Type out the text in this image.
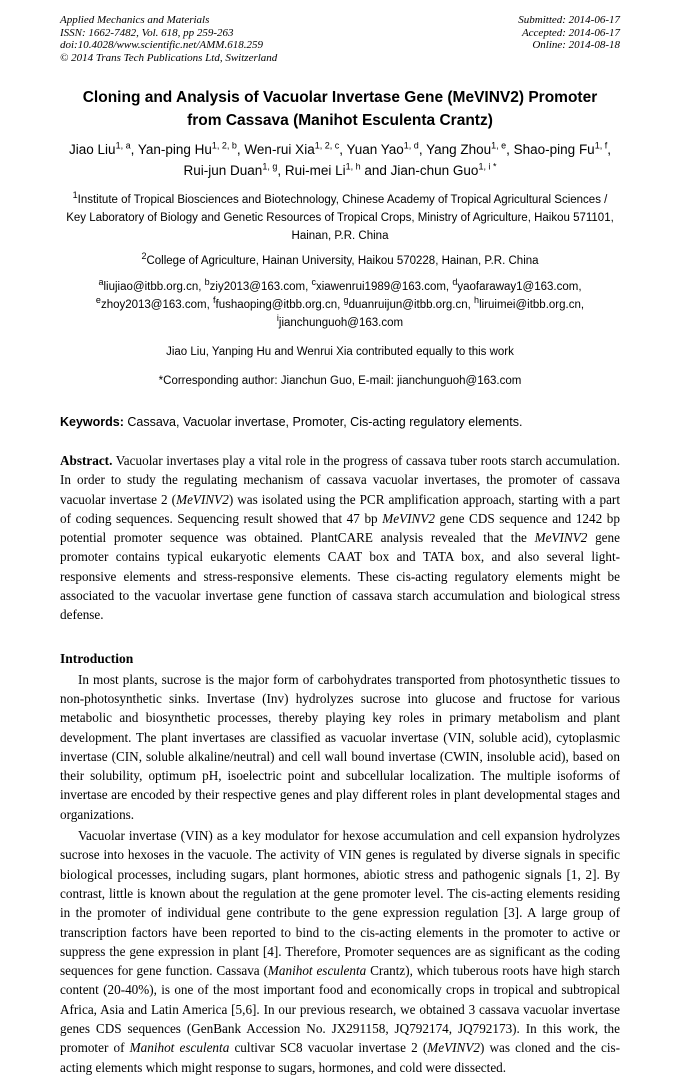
Applied Mechanics and Materials
ISSN: 1662-7482, Vol. 618, pp 259-263
doi:10.4028/www.scientific.net/AMM.618.259
© 2014 Trans Tech Publications Ltd, Switzerland
Submitted: 2014-06-17
Accepted: 2014-06-17
Online: 2014-08-18
Cloning and Analysis of Vacuolar Invertase Gene (MeVINV2) Promoter
from Cassava (Manihot Esculenta Crantz)
Jiao Liu$^{1, a}$, Yan-ping Hu$^{1, 2, b}$, Wen-rui Xia$^{1, 2, c}$, Yuan Yao$^{1, d}$, Yang Zhou$^{1, e}$, Shao-ping Fu$^{1, f}$, Rui-jun Duan$^{1, g}$, Rui-mei Li$^{1, h}$ and Jian-chun Guo$^{1, i *}$
$^1$Institute of Tropical Biosciences and Biotechnology, Chinese Academy of Tropical Agricultural Sciences / Key Laboratory of Biology and Genetic Resources of Tropical Crops, Ministry of Agriculture, Haikou 571101, Hainan, P.R. China
$^2$College of Agriculture, Hainan University, Haikou 570228, Hainan, P.R. China
$^a$liujiao@itbb.org.cn, $^b$ziy2013@163.com, $^c$xiawenrui1989@163.com, $^d$yaofaraway1@163.com, $^e$zhoy2013@163.com, $^f$fushaoping@itbb.org.cn, $^g$duanruijun@itbb.org.cn, $^h$liruimei@itbb.org.cn, $^i$jianchunguoh@163.com
Jiao Liu, Yanping Hu and Wenrui Xia contributed equally to this work
*Corresponding author: Jianchun Guo, E-mail: jianchunguoh@163.com
Keywords: Cassava, Vacuolar invertase, Promoter, Cis-acting regulatory elements.

Abstract. Vacuolar invertases play a vital role in the progress of cassava tuber roots starch accumulation. In order to study the regulating mechanism of cassava vacuolar invertases, the promoter of cassava vacuolar invertase 2 (MeVINV2) was isolated using the PCR amplification approach, starting with a part of coding sequences. Sequencing result showed that 47 bp MeVINV2 gene CDS sequence and 1242 bp potential promoter sequence was obtained. PlantCARE analysis revealed that the MeVINV2 gene promoter contains typical eukaryotic elements CAAT box and TATA box, and also several light-responsive elements and stress-responsive elements. These cis-acting regulatory elements might be associated to the vacuolar invertase gene function of cassava starch accumulation and biological stress defense.

Introduction

In most plants, sucrose is the major form of carbohydrates transported from photosynthetic tissues to non-photosynthetic sinks. Invertase (Inv) hydrolyzes sucrose into glucose and fructose for various metabolic and biosynthetic processes, thereby playing key roles in primary metabolism and plant development. The plant invertases are classified as vacuolar invertase (VIN, soluble acid), cytoplasmic invertase (CIN, soluble alkaline/neutral) and cell wall bound invertase (CWIN, insoluble acid), based on their solubility, optimum pH, isoelectric point and subcellular localization. The multiple isoforms of invertase are encoded by their respective genes and play different roles in plant developmental stages and organizations.

Vacuolar invertase (VIN) as a key modulator for hexose accumulation and cell expansion hydrolyzes sucrose into hexoses in the vacuole. The activity of VIN genes is regulated by diverse signals in specific biological processes, including sugars, plant hormones, abiotic stress and pathogenic signals [1, 2]. By contrast, little is known about the regulation at the gene promoter level. The cis-acting elements residing in the promoter of individual gene contribute to the gene expression regulation [3]. A large group of transcription factors have been reported to bind to the cis-acting elements in the promoter to active or suppress the gene expression in plant [4]. Therefore, Promoter sequences are as significant as the coding sequences for gene function. Cassava (Manihot esculenta Crantz), which tuberous roots have high starch content (20-40%), is one of the most important food and economically crops in tropical and subtropical Africa, Asia and Latin America [5,6]. In our previous research, we obtained 3 cassava vacuolar invertase genes CDS sequences (GenBank Accession No. JX291158, JQ792174, JQ792173). In this work, the promoter of Manihot esculenta cultivar SC8 vacuolar invertase 2 (MeVINV2) was cloned and the cis-acting elements which might response to sugars, hormones, and cold were dissected.
